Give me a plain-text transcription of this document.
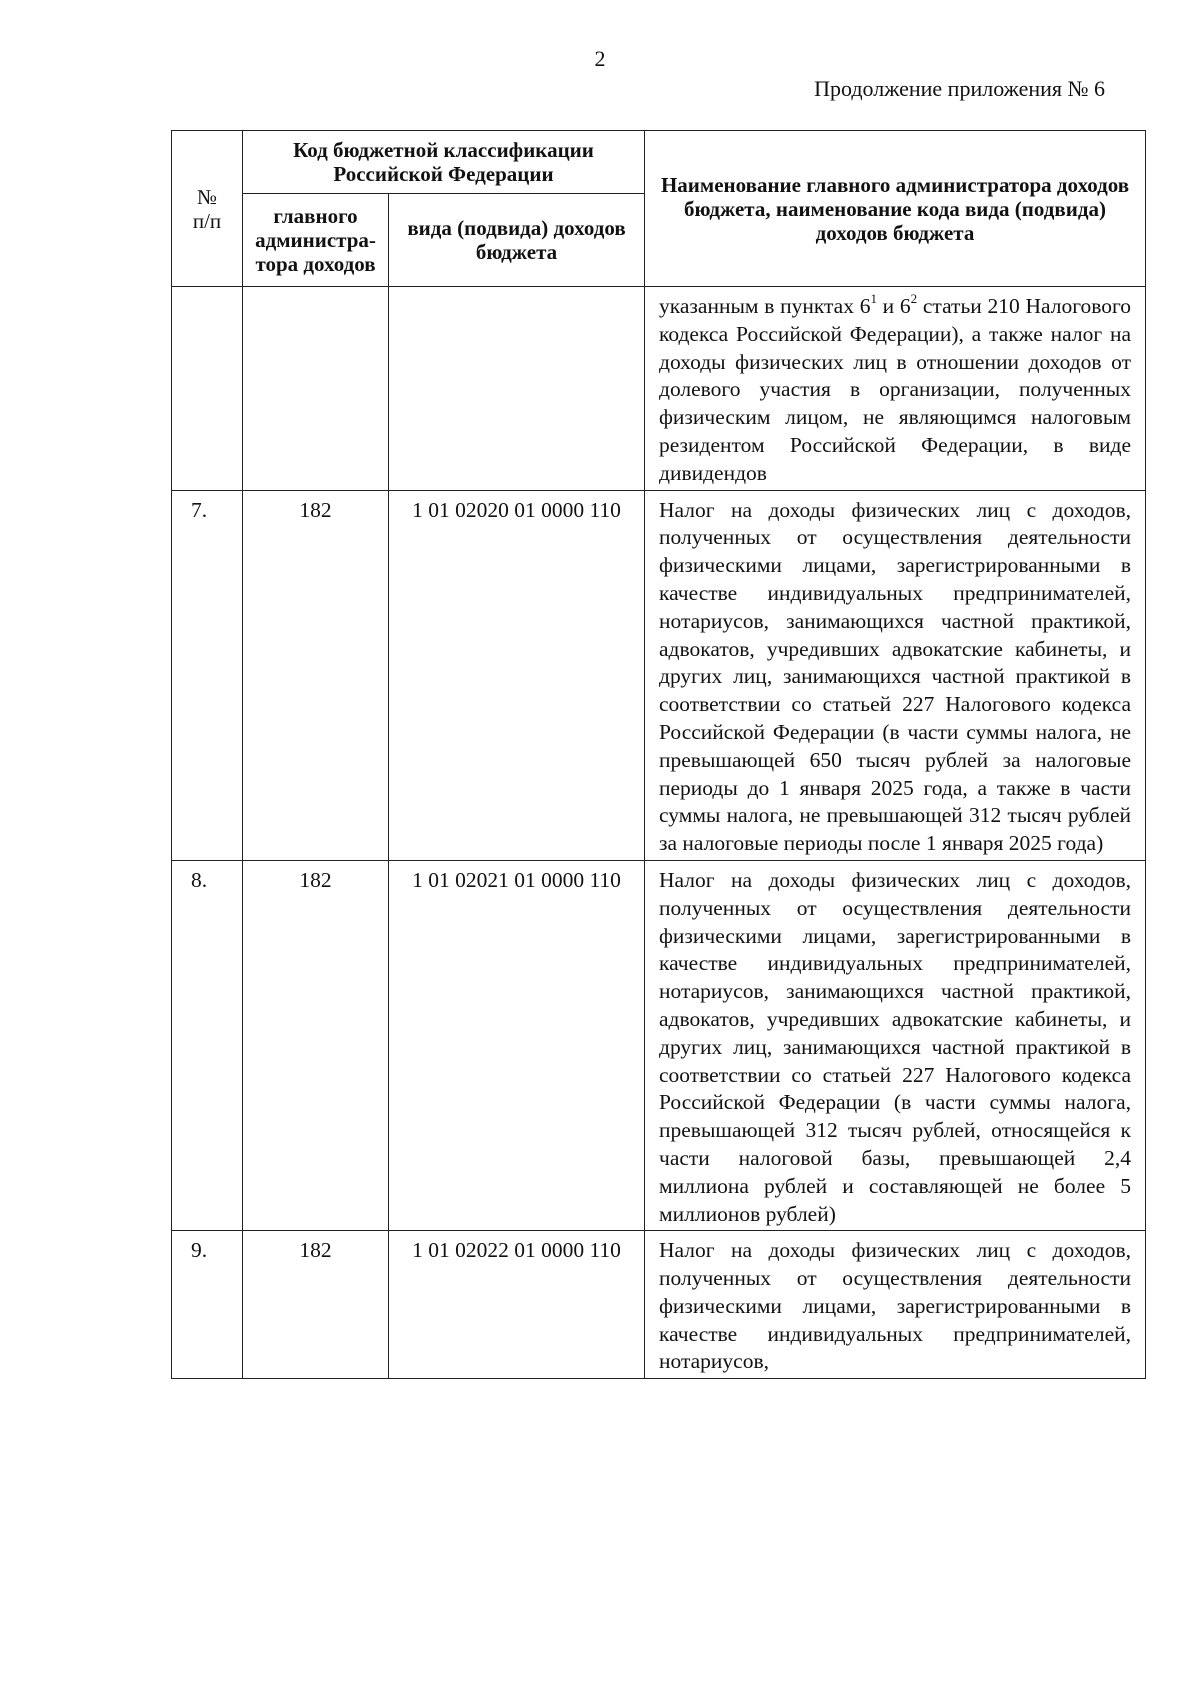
2
Продолжение приложения № 6
№
п/п	Код бюджетной классификации Российской Федерации		Наименование главного администратора доходов бюджета, наименование кода вида (подвида) доходов бюджета
	главного администра-тора доходов	вида (подвида) доходов бюджета	
			указанным в пунктах $6^1$ и $6^2$ статьи 210 Налогового кодекса Российской Федерации), а также налог на доходы физических лиц в отношении доходов от долевого участия в организации, полученных физическим лицом, не являющимся налоговым резидентом Российской Федерации, в виде дивидендов
7.	182	1 01 02020 01 0000 110	Налог на доходы физических лиц с доходов, полученных от осуществления деятельности физическими лицами, зарегистрированными в качестве индивидуальных предпринимателей, нотариусов, занимающихся частной практикой, адвокатов, учредивших адвокатские кабинеты, и других лиц, занимающихся частной практикой в соответствии со статьей 227 Налогового кодекса Российской Федерации (в части суммы налога, не превышающей 650 тысяч рублей за налоговые периоды до 1 января 2025 года, а также в части суммы налога, не превышающей 312 тысяч рублей за налоговые периоды после 1 января 2025 года)
8.	182	1 01 02021 01 0000 110	Налог на доходы физических лиц с доходов, полученных от осуществления деятельности физическими лицами, зарегистрированными в качестве индивидуальных предпринимателей, нотариусов, занимающихся частной практикой, адвокатов, учредивших адвокатские кабинеты, и других лиц, занимающихся частной практикой в соответствии со статьей 227 Налогового кодекса Российской Федерации (в части суммы налога, превышающей 312 тысяч рублей, относящейся к части налоговой базы, превышающей 2,4 миллиона рублей и составляющей не более 5 миллионов рублей)
9.	182	1 01 02022 01 0000 110	Налог на доходы физических лиц с доходов, полученных от осуществления деятельности физическими лицами, зарегистрированными в качестве индивидуальных предпринимателей, нотариусов,
